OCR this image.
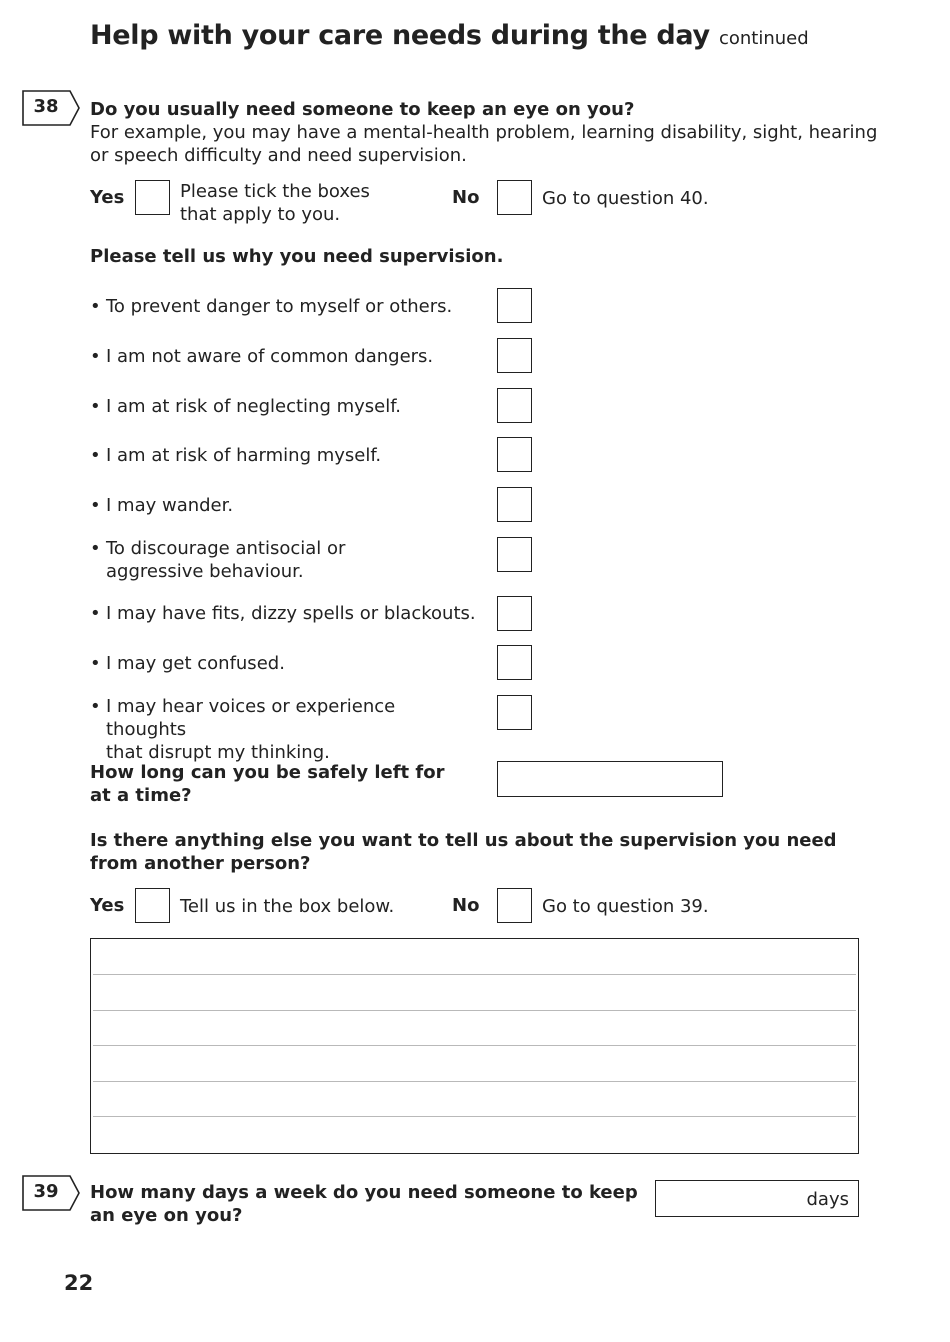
Help with your care needs during the day continued
38	Do you usually need someone to keep an eye on you?
For example, you may have a mental-health problem, learning disability, sight, hearing
or speech difficulty and need supervision.
Yes	Please tick the boxes
that apply to you.
No	Go to question 40.
Please tell us why you need supervision.
• To prevent danger to myself or others.
• I am not aware of common dangers.
• I am at risk of neglecting myself.
• I am at risk of harming myself.
• I may wander.
• To discourage antisocial or
aggressive behaviour.
• I may have fits, dizzy spells or blackouts.
• I may get confused.
• I may hear voices or experience thoughts
that disrupt my thinking.
How long can you be safely left for
at a time?
Is there anything else you want to tell us about the supervision you need
from another person?
Yes	Tell us in the box below.	No	Go to question 39.
39	How many days a week do you need someone to keep
an eye on you?
days
22
